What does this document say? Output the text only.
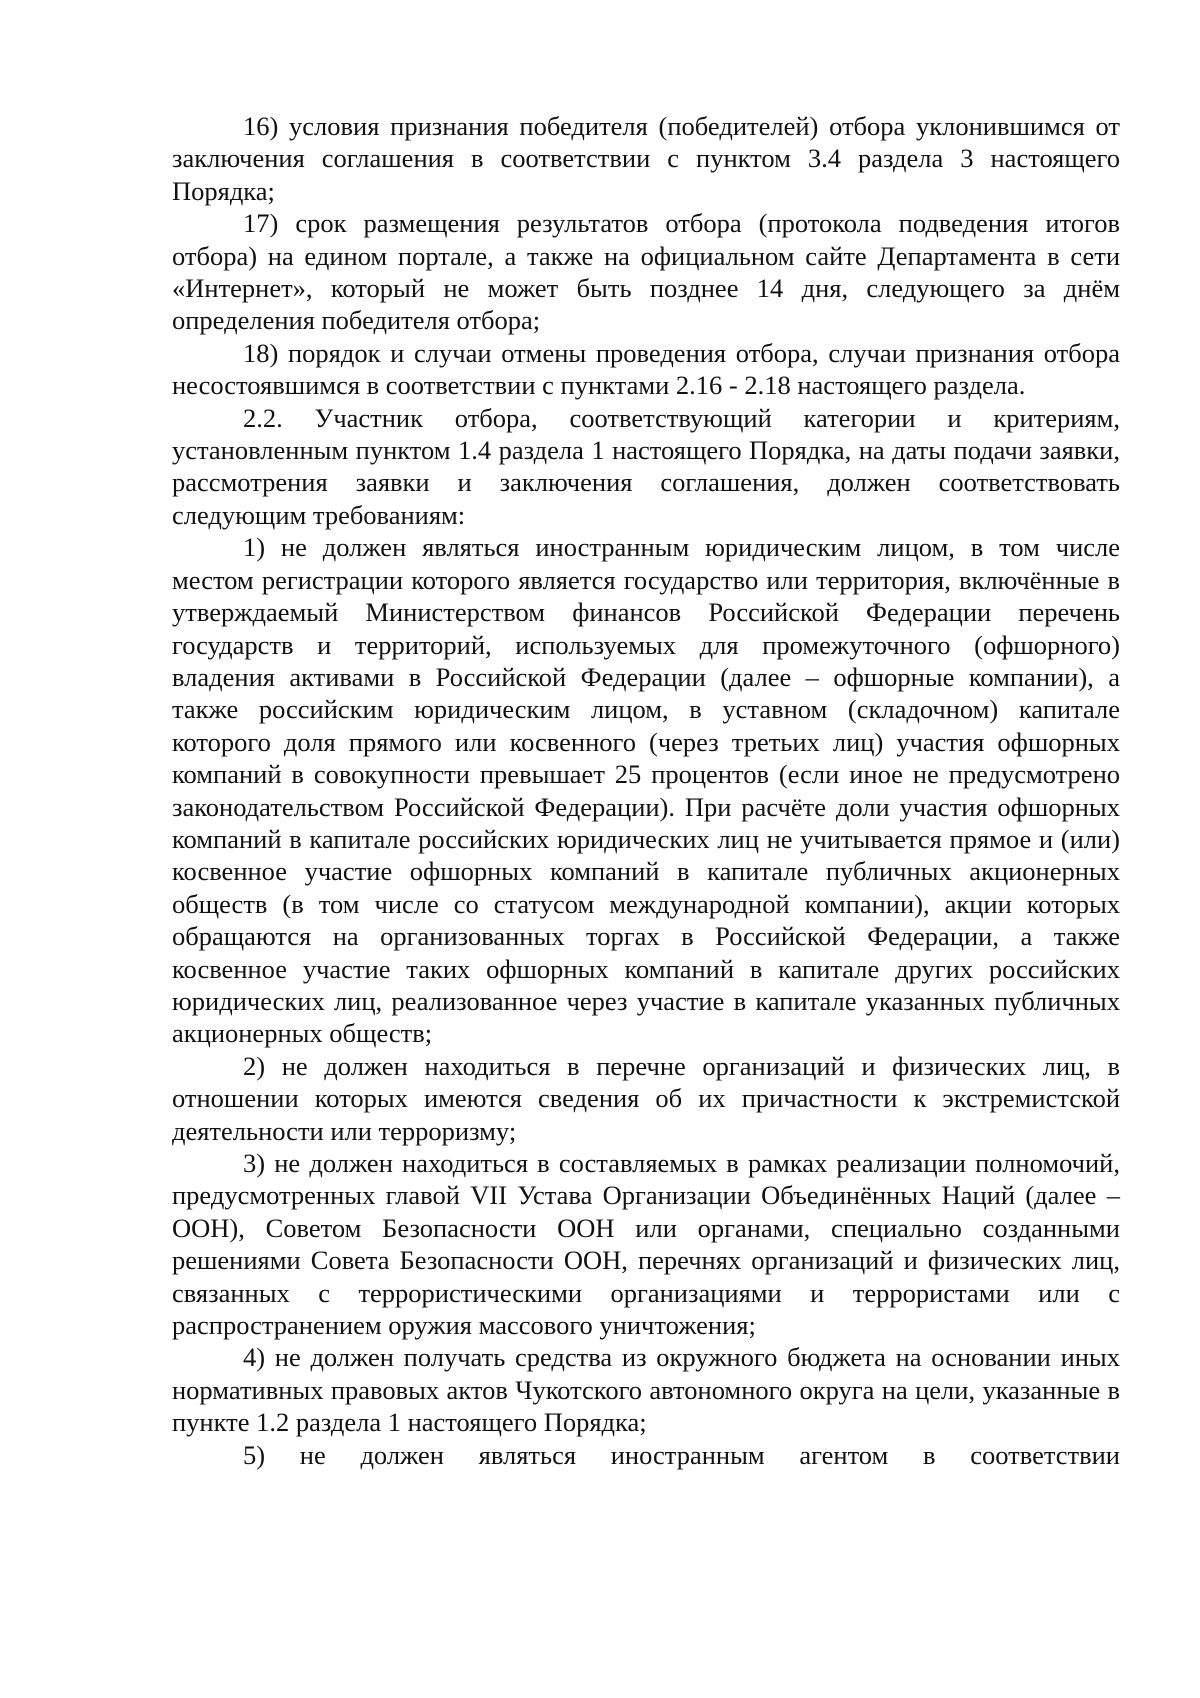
16) условия признания победителя (победителей) отбора уклонившимся от заключения соглашения в соответствии с пунктом 3.4 раздела 3 настоящего Порядка;

17) срок размещения результатов отбора (протокола подведения итогов отбора) на едином портале, а также на официальном сайте Департамента в сети «Интернет», который не может быть позднее 14 дня, следующего за днём определения победителя отбора;

18) порядок и случаи отмены проведения отбора, случаи признания отбора несостоявшимся в соответствии с пунктами 2.16 - 2.18 настоящего раздела.

2.2. Участник отбора, соответствующий категории и критериям, установленным пунктом 1.4 раздела 1 настоящего Порядка, на даты подачи заявки, рассмотрения заявки и заключения соглашения, должен соответствовать следующим требованиям:

1) не должен являться иностранным юридическим лицом, в том числе местом регистрации которого является государство или территория, включённые в утверждаемый Министерством финансов Российской Федерации перечень государств и территорий, используемых для промежуточного (офшорного) владения активами в Российской Федерации (далее – офшорные компании), а также российским юридическим лицом, в уставном (складочном) капитале которого доля прямого или косвенного (через третьих лиц) участия офшорных компаний в совокупности превышает 25 процентов (если иное не предусмотрено законодательством Российской Федерации). При расчёте доли участия офшорных компаний в капитале российских юридических лиц не учитывается прямое и (или) косвенное участие офшорных компаний в капитале публичных акционерных обществ (в том числе со статусом международной компании), акции которых обращаются на организованных торгах в Российской Федерации, а также косвенное участие таких офшорных компаний в капитале других российских юридических лиц, реализованное через участие в капитале указанных публичных акционерных обществ;

2) не должен находиться в перечне организаций и физических лиц, в отношении которых имеются сведения об их причастности к экстремистской деятельности или терроризму;

3) не должен находиться в составляемых в рамках реализации полномочий, предусмотренных главой VII Устава Организации Объединённых Наций (далее – ООН), Советом Безопасности ООН или органами, специально созданными решениями Совета Безопасности ООН, перечнях организаций и физических лиц, связанных с террористическими организациями и террористами или с распространением оружия массового уничтожения;

4) не должен получать средства из окружного бюджета на основании иных нормативных правовых актов Чукотского автономного округа на цели, указанные в пункте 1.2 раздела 1 настоящего Порядка;

5) не должен являться иностранным агентом в соответствии
